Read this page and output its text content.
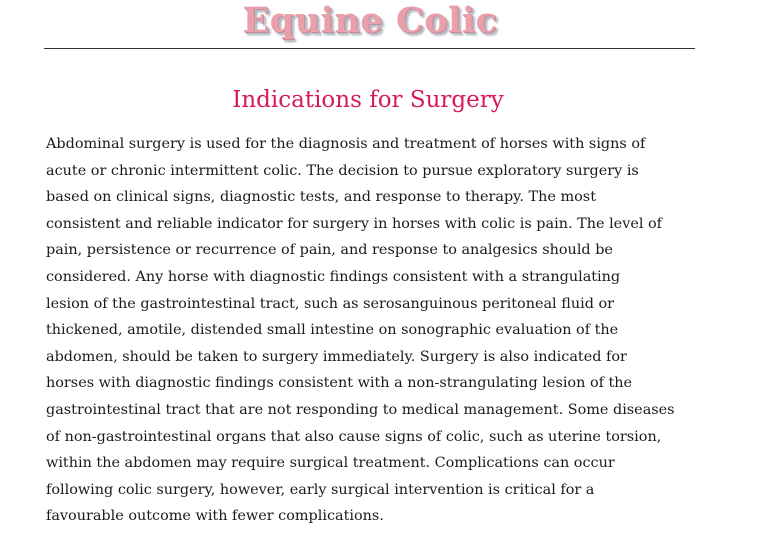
Equine Colic
Indications for Surgery

Abdominal surgery is used for the diagnosis and treatment of horses with signs of
acute or chronic intermittent colic. The decision to pursue exploratory surgery is
based on clinical signs, diagnostic tests, and response to therapy. The most
consistent and reliable indicator for surgery in horses with colic is pain. The level of
pain, persistence or recurrence of pain, and response to analgesics should be
considered. Any horse with diagnostic findings consistent with a strangulating
lesion of the gastrointestinal tract, such as serosanguinous peritoneal fluid or
thickened, amotile, distended small intestine on sonographic evaluation of the
abdomen, should be taken to surgery immediately. Surgery is also indicated for
horses with diagnostic findings consistent with a non-strangulating lesion of the
gastrointestinal tract that are not responding to medical management. Some diseases
of non-gastrointestinal organs that also cause signs of colic, such as uterine torsion,
within the abdomen may require surgical treatment. Complications can occur
following colic surgery, however, early surgical intervention is critical for a
favourable outcome with fewer complications.
